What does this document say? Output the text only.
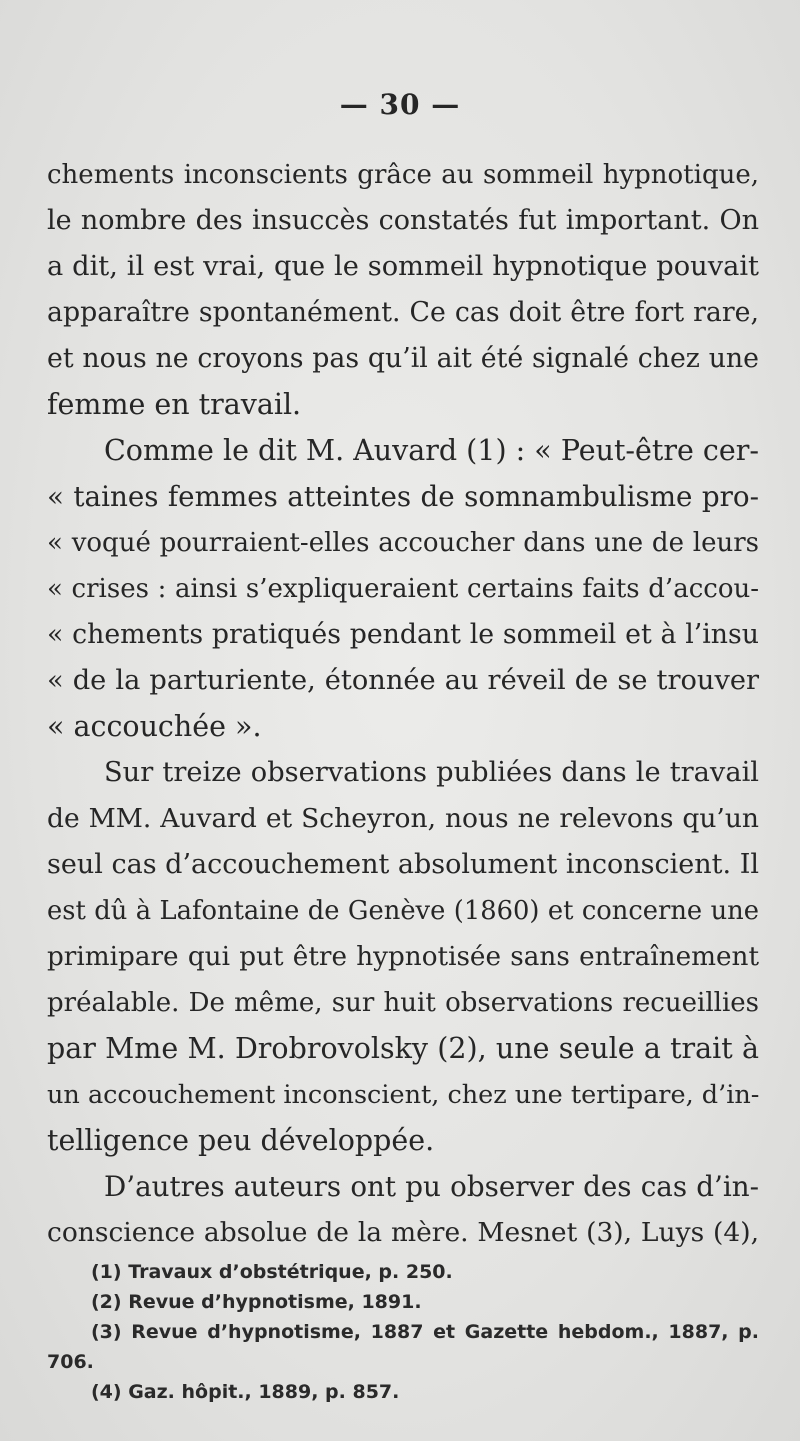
— 30 —
chements inconscients grâce au sommeil hypnotique,
le nombre des insuccès constatés fut important. On
a dit, il est vrai, que le sommeil hypnotique pouvait
apparaître spontanément. Ce cas doit être fort rare,
et nous ne croyons pas qu’il ait été signalé chez une
femme en travail.
Comme le dit M. Auvard (1) : « Peut-être cer-
« taines femmes atteintes de somnambulisme pro-
« voqué pourraient-elles accoucher dans une de leurs
« crises : ainsi s’expliqueraient certains faits d’accou-
« chements pratiqués pendant le sommeil et à l’insu
« de la parturiente, étonnée au réveil de se trouver
« accouchée ».
Sur treize observations publiées dans le travail
de MM. Auvard et Scheyron, nous ne relevons qu’un
seul cas d’accouchement absolument inconscient. Il
est dû à Lafontaine de Genève (1860) et concerne une
primipare qui put être hypnotisée sans entraînement
préalable. De même, sur huit observations recueillies
par Mme M. Drobrovolsky (2), une seule a trait à
un accouchement inconscient, chez une tertipare, d’in-
telligence peu développée.
D’autres auteurs ont pu observer des cas d’in-
conscience absolue de la mère. Mesnet (3), Luys (4),
(1) Travaux d’obstétrique, p. 250.
(2) Revue d’hypnotisme, 1891.
(3) Revue d’hypnotisme, 1887 et Gazette hebdom., 1887, p.
706.
(4) Gaz. hôpit., 1889, p. 857.
